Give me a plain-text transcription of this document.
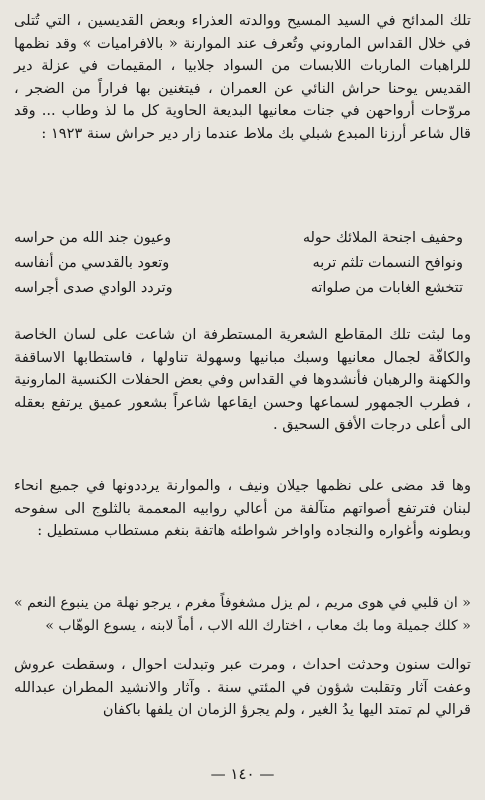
تلك المدائح في السيد المسيح ووالدته العذراء وبعض القديسين ، التي تُتلى في خلال القداس الماروني وتُعرف عند الموارنة « بالافراميات » وقد نظمها للراهبات الماربات اللابسات من السواد جلابيا ، المقيمات في عزلة دير القديس يوحنا حراش النائي عن العمران ، فيتغنين بها فراراً من الضجر ، مروّحات أرواحهن في جنات معانيها البديعة الحاوية كل ما لذ وطاب ... وقد قال شاعر أرزنا المبدع شبلي بك ملاط عندما زار دير حراش سنة ١٩٢٣ :

وحفيف اجنحة الملائك حوله
وعيون جند الله من حراسه
ونوافح النسمات تلثم تربه
وتعود بالقدسي من أنفاسه
تتخشع الغابات من صلواته
وتردد الوادي صدى أجراسه

وما لبثت تلك المقاطع الشعرية المستطرفة ان شاعت على لسان الخاصة والكافّة لجمال معانيها وسبك مبانيها وسهولة تناولها ، فاستطابها الاساقفة والكهنة والرهبان فأنشدوها في القداس وفي بعض الحفلات الكنسية المارونية ، فطرب الجمهور لسماعها وحسن ايقاعها شاعراً بشعور عميق يرتفع بعقله الى أعلى درجات الأفق السحيق .

وها قد مضى على نظمها جيلان ونيف ، والموارنة يرددونها في جميع انحاء لبنان فترتفع أصواتهم متآلفة من أعالي روابيه المعممة بالثلوج الى سفوحه وبطونه وأغواره والنجاده واواخر شواطئه هاتفة بنغم مستطاب مستطيل :

« ان قلبي في هوى مريم ، لم يزل مشغوفاً مغرم ، يرجو نهلة من ينبوع النعم »
« كلك جميلة وما بك معاب ، اختارك الله الاب ، أماً لابنه ، يسوع الوهّاب »

توالت سنون وحدثت احداث ، ومرت عبر وتبدلت احوال ، وسقطت عروش وعفت آثار وتقلبت شؤون في المئتي سنة . وآثار والانشيد المطران عبدالله قرالي لم تمتد اليها يدُ الغير ، ولم يجرؤ الزمان ان يلفها باكفان

— ١٤٠ —
